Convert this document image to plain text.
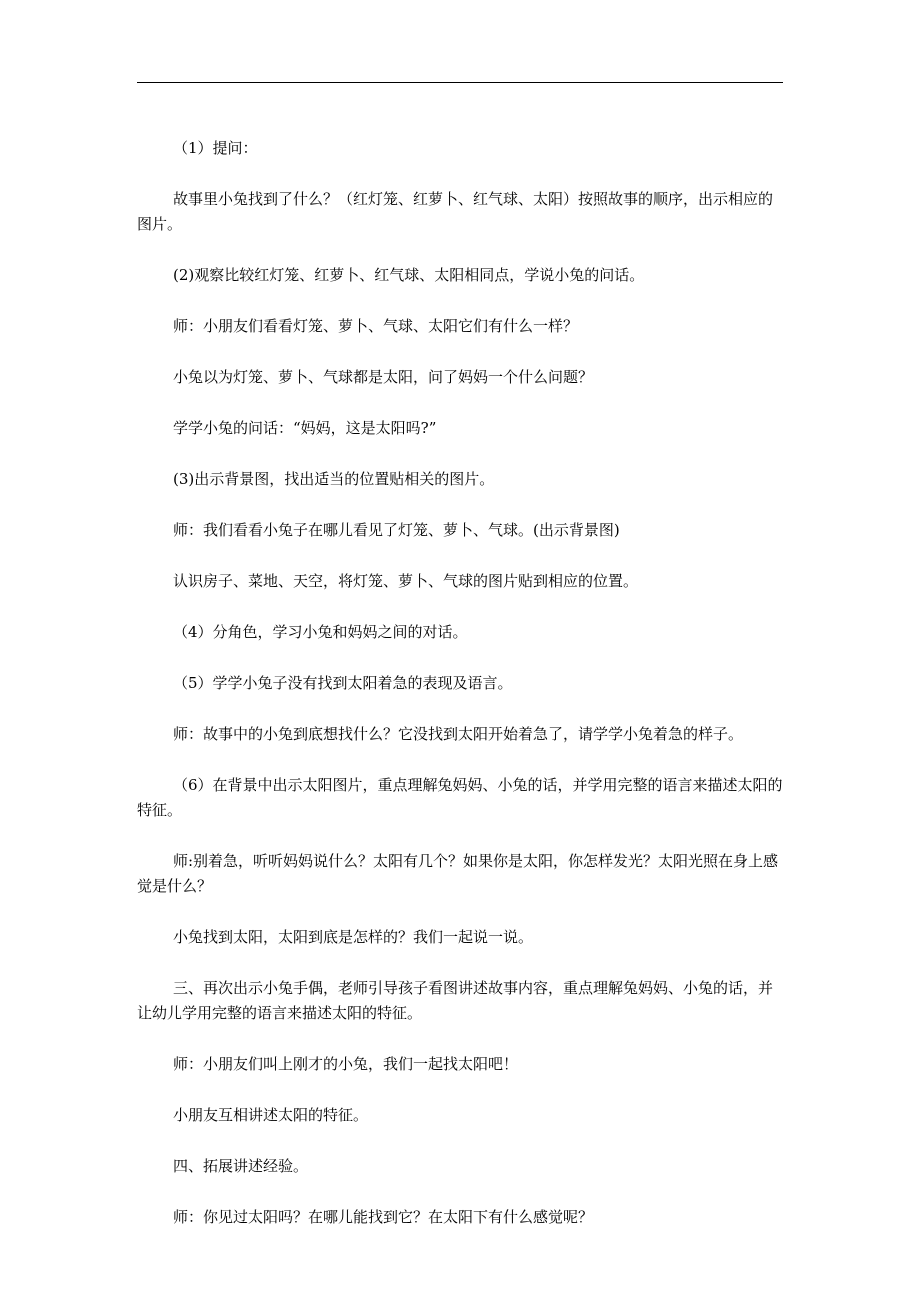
（1）提问：

故事里小兔找到了什么？（红灯笼、红萝卜、红气球、太阳）按照故事的顺序，出示相应的图片。

(2)观察比较红灯笼、红萝卜、红气球、太阳相同点，学说小兔的问话。

师：小朋友们看看灯笼、萝卜、气球、太阳它们有什么一样？

小兔以为灯笼、萝卜、气球都是太阳，问了妈妈一个什么问题？

学学小兔的问话：“妈妈，这是太阳吗?”

(3)出示背景图，找出适当的位置贴相关的图片。

师：我们看看小兔子在哪儿看见了灯笼、萝卜、气球。(出示背景图)

认识房子、菜地、天空，将灯笼、萝卜、气球的图片贴到相应的位置。

（4）分角色，学习小兔和妈妈之间的对话。

（5）学学小兔子没有找到太阳着急的表现及语言。

师：故事中的小兔到底想找什么？它没找到太阳开始着急了，请学学小兔着急的样子。

（6）在背景中出示太阳图片，重点理解兔妈妈、小兔的话，并学用完整的语言来描述太阳的特征。

师:别着急，听听妈妈说什么？太阳有几个？如果你是太阳，你怎样发光？太阳光照在身上感觉是什么？

小兔找到太阳，太阳到底是怎样的？我们一起说一说。

三、再次出示小兔手偶，老师引导孩子看图讲述故事内容，重点理解兔妈妈、小兔的话，并让幼儿学用完整的语言来描述太阳的特征。

师：小朋友们叫上刚才的小兔，我们一起找太阳吧！

小朋友互相讲述太阳的特征。

四、拓展讲述经验。

师：你见过太阳吗？在哪儿能找到它？在太阳下有什么感觉呢？
